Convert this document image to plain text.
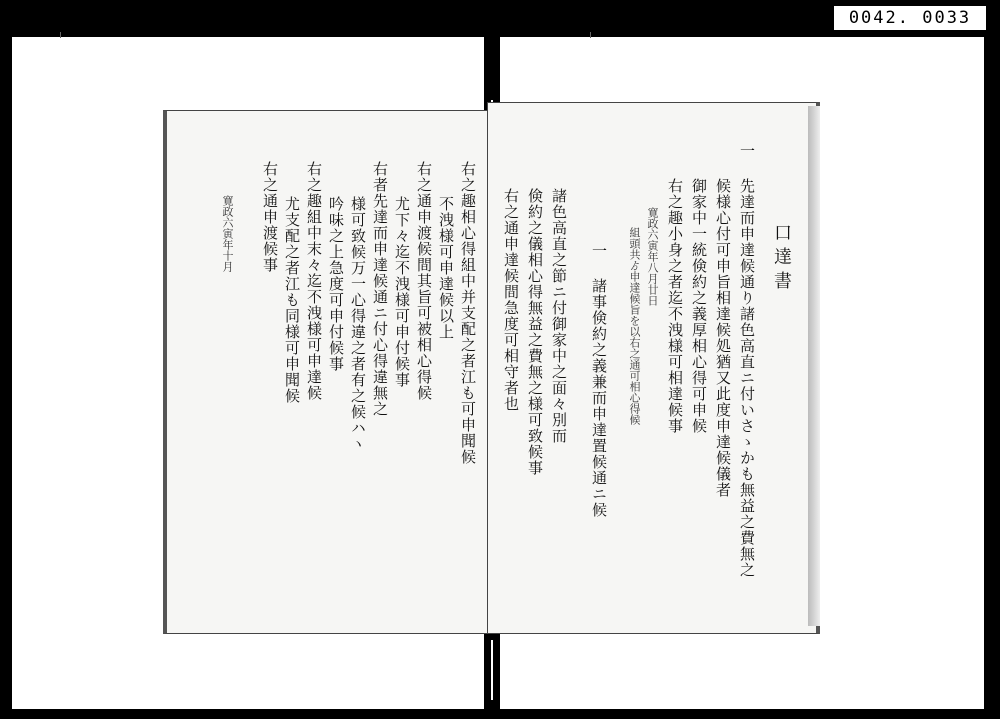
0042. 0033
右之趣相心得組中并支配之者江も可申聞候
　 不洩様可申達候以上
右之通申渡候間其旨可被相心得候
　 尤下々迄不洩様可申付候事
右者先達而申達候通ニ付心得違無之
　 様可致候万一心得違之者有之候ハヽ
　 吟味之上急度可申付候事
右之趣組中末々迄不洩様可申達候
　 尤支配之者江も同様可申聞候
右之通申渡候事
　 寛政六寅年十月	口達書
一 先達而申達候通り諸色高直ニ付いさゝかも無益之費無之
　 候様心付可申旨相達候処猶又此度申達候儀者
　 御家中一統倹約之義厚相心得可申候
　 右之趣小身之者迄不洩様可相達候事
　 寛政六寅年八月廿日
　 組頭共ゟ申達候旨を以右之通可相心得候
一 諸事倹約之義兼而申達置候通ニ候
　 諸色高直之節ニ付御家中之面々別而
　 倹約之儀相心得無益之費無之様可致候事
　 右之通申達候間急度可相守者也
